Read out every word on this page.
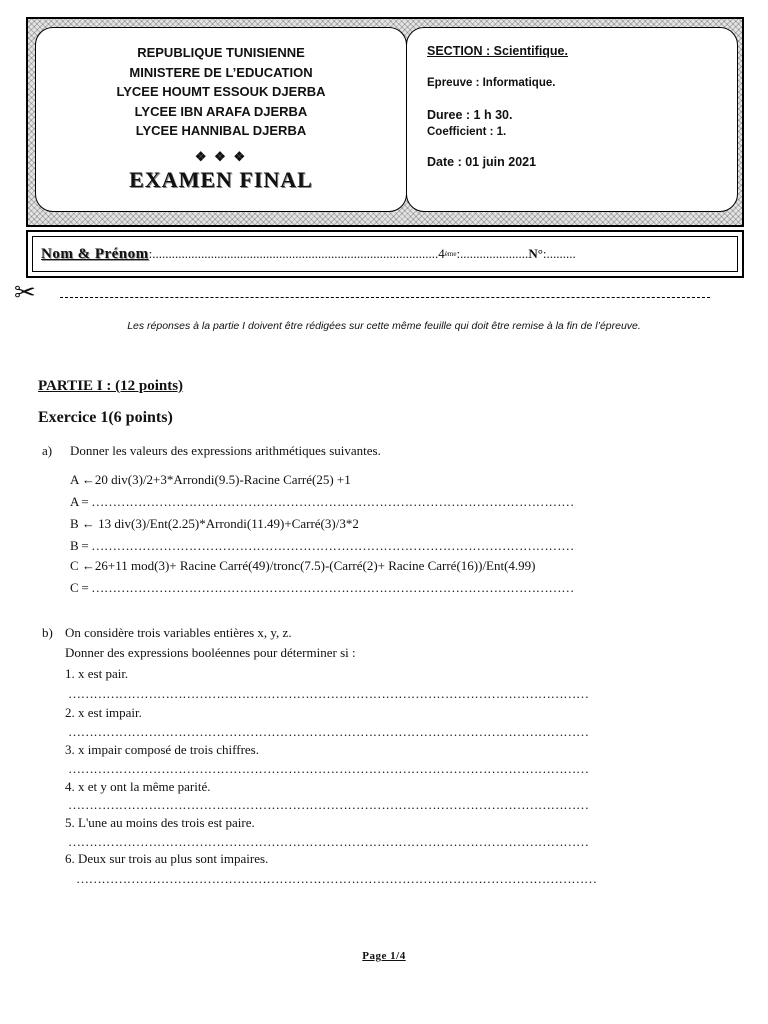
REPUBLIQUE TUNISIENNE
MINISTERE DE L’EDUCATION
LYCEE HOUMT ESSOUK DJERBA
LYCEE IBN ARAFA DJERBA
LYCEE HANNIBAL DJERBA
❖ ❖ ❖
EXAMEN FINAL
SECTION : Scientifique.
Epreuve : Informatique.
Duree : 1 h 30.
Coefficient : 1.
Date : 01 juin 2021
Nom & Prénom :........................................................................................4 ème :..................... N° :.........
✂
Les réponses à la partie I doivent être rédigées sur cette même feuille qui doit être remise à la fin de l’épreuve.
PARTIE I : (12 points)
Exercice 1(6 points)
a) Donner les valeurs des expressions arithmétiques suivantes.
A ←20 div(3)/2+3*Arrondi(9.5)-Racine Carré(25) +1
A = ……………………………………………………………………………………………………
B ← 13 div(3)/Ent(2.25)*Arrondi(11.49)+Carré(3)/3*2
B = ……………………………………………………………………………………………………
C ←26+11 mod(3)+ Racine Carré(49)/tronc(7.5)-(Carré(2)+ Racine Carré(16))/Ent(4.99)
C = ……………………………………………………………………………………………………
b) On considère trois variables entières x, y, z.
Donner des expressions booléennes pour déterminer si :
1. x est pair.
……………………………………………………………………………………………………………
2. x est impair.
……………………………………………………………………………………………………………
3. x impair composé de trois chiffres.
……………………………………………………………………………………………………………
4. x et y ont la même parité.
……………………………………………………………………………………………………………
5. L'une au moins des trois est paire.
……………………………………………………………………………………………………………
6. Deux sur trois au plus sont impaires.
……………………………………………………………………………………………………………
Page 1/4
